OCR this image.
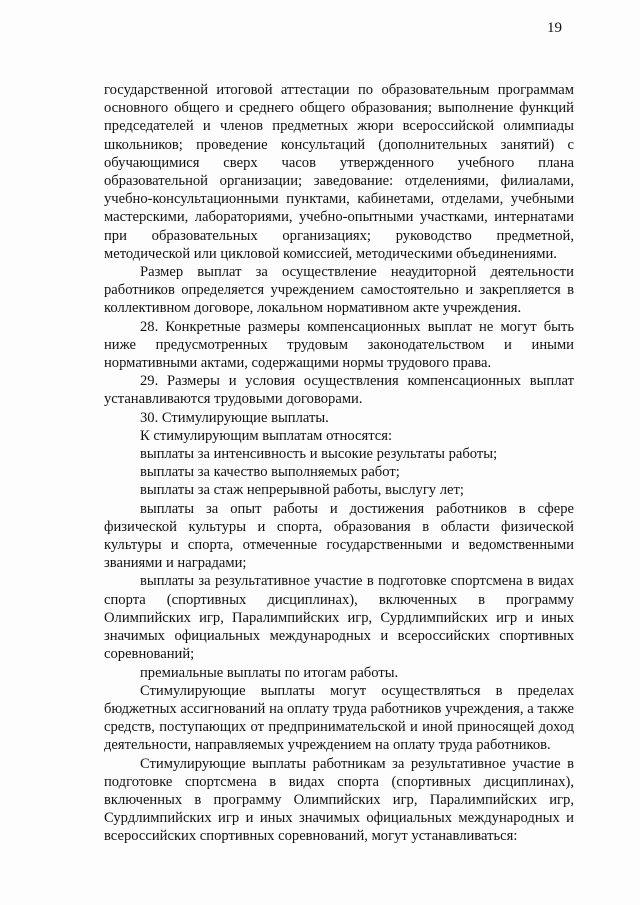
19

государственной итоговой аттестации по образовательным программам основного общего и среднего общего образования; выполнение функций председателей и членов предметных жюри всероссийской олимпиады школьников; проведение консультаций (дополнительных занятий) с обучающимися сверх часов утвержденного учебного плана образовательной организации; заведование: отделениями, филиалами, учебно-консультационными пунктами, кабинетами, отделами, учебными мастерскими, лабораториями, учебно-опытными участками, интернатами при образовательных организациях; руководство предметной, методической или цикловой комиссией, методическими объединениями.

Размер выплат за осуществление неаудиторной деятельности работников определяется учреждением самостоятельно и закрепляется в коллективном договоре, локальном нормативном акте учреждения.

28. Конкретные размеры компенсационных выплат не могут быть ниже предусмотренных трудовым законодательством и иными нормативными актами, содержащими нормы трудового права.

29. Размеры и условия осуществления компенсационных выплат устанавливаются трудовыми договорами.

30. Стимулирующие выплаты.

К стимулирующим выплатам относятся:

выплаты за интенсивность и высокие результаты работы;

выплаты за качество выполняемых работ;

выплаты за стаж непрерывной работы, выслугу лет;

выплаты за опыт работы и достижения работников в сфере физической культуры и спорта, образования в области физической культуры и спорта, отмеченные государственными и ведомственными званиями и наградами;

выплаты за результативное участие в подготовке спортсмена в видах спорта (спортивных дисциплинах), включенных в программу Олимпийских игр, Паралимпийских игр, Сурдлимпийских игр и иных значимых официальных международных и всероссийских спортивных соревнований;

премиальные выплаты по итогам работы.

Стимулирующие выплаты могут осуществляться в пределах бюджетных ассигнований на оплату труда работников учреждения, а также средств, поступающих от предпринимательской и иной приносящей доход деятельности, направляемых учреждением на оплату труда работников.

Стимулирующие выплаты работникам за результативное участие в подготовке спортсмена в видах спорта (спортивных дисциплинах), включенных в программу Олимпийских игр, Паралимпийских игр, Сурдлимпийских игр и иных значимых официальных международных и всероссийских спортивных соревнований, могут устанавливаться:
